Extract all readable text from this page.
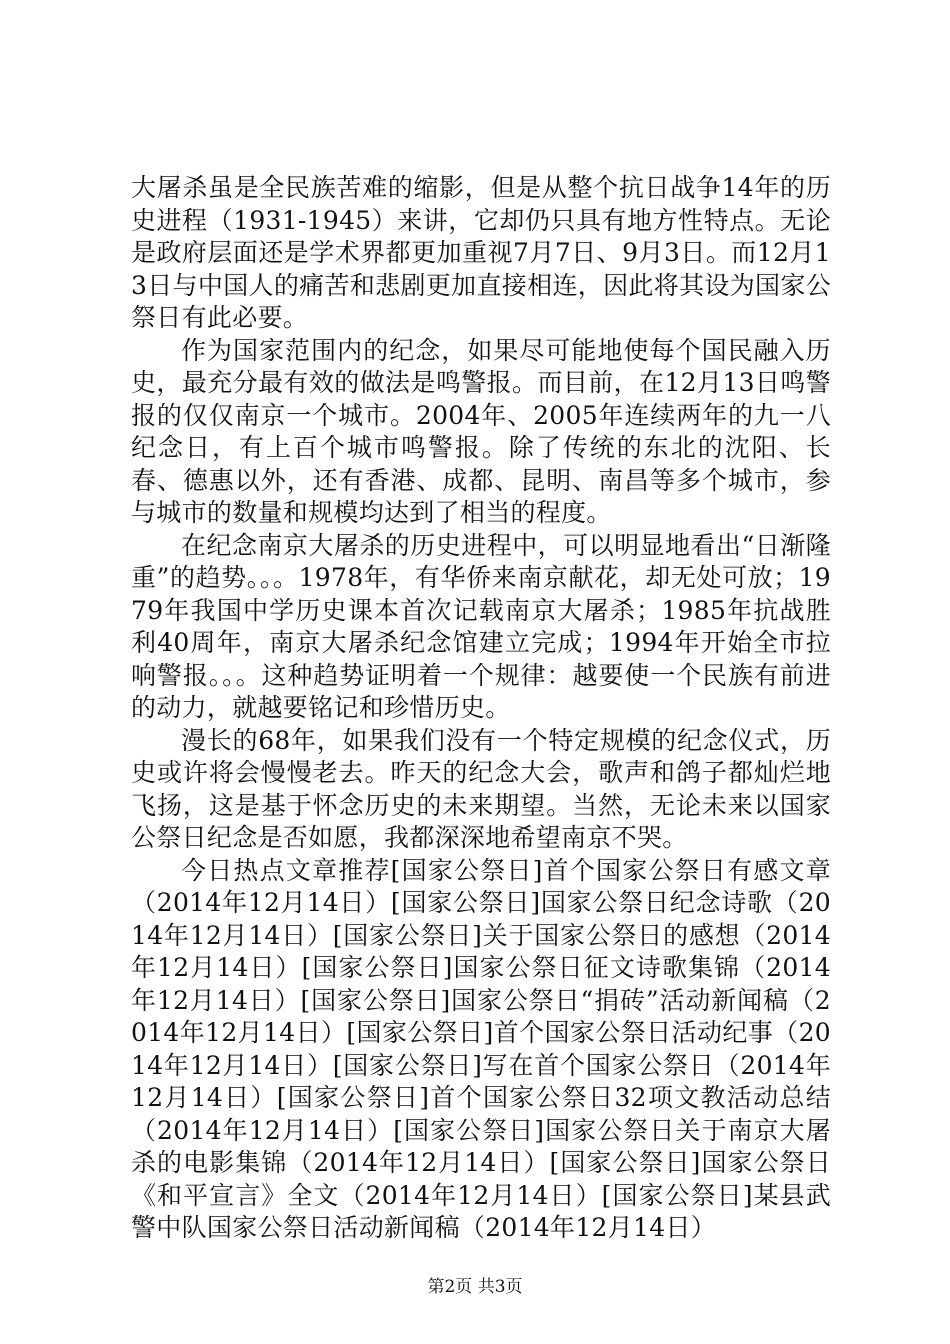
大屠杀虽是全民族苦难的缩影，但是从整个抗日战争14年的历史进程（1931-1945）来讲，它却仍只具有地方性特点。无论是政府层面还是学术界都更加重视7月7日、9月3日。而12月13日与中国人的痛苦和悲剧更加直接相连，因此将其设为国家公祭日有此必要。

作为国家范围内的纪念，如果尽可能地使每个国民融入历史，最充分最有效的做法是鸣警报。而目前，在12月13日鸣警报的仅仅南京一个城市。2004年、2005年连续两年的九一八纪念日，有上百个城市鸣警报。除了传统的东北的沈阳、长春、德惠以外，还有香港、成都、昆明、南昌等多个城市，参与城市的数量和规模均达到了相当的程度。

在纪念南京大屠杀的历史进程中，可以明显地看出“日渐隆重”的趋势。。。1978年，有华侨来南京献花，却无处可放；1979年我国中学历史课本首次记载南京大屠杀；1985年抗战胜利40周年，南京大屠杀纪念馆建立完成；1994年开始全市拉响警报。。。这种趋势证明着一个规律：越要使一个民族有前进的动力，就越要铭记和珍惜历史。

漫长的68年，如果我们没有一个特定规模的纪念仪式，历史或许将会慢慢老去。昨天的纪念大会，歌声和鸽子都灿烂地飞扬，这是基于怀念历史的未来期望。当然，无论未来以国家公祭日纪念是否如愿，我都深深地希望南京不哭。

今日热点文章推荐[国家公祭日]首个国家公祭日有感文章（2014年12月14日）[国家公祭日]国家公祭日纪念诗歌（2014年12月14日）[国家公祭日]关于国家公祭日的感想（2014年12月14日）[国家公祭日]国家公祭日征文诗歌集锦（2014年12月14日）[国家公祭日]国家公祭日“捐砖”活动新闻稿（2014年12月14日）[国家公祭日]首个国家公祭日活动纪事（2014年12月14日）[国家公祭日]写在首个国家公祭日（2014年12月14日）[国家公祭日]首个国家公祭日32项文教活动总结（2014年12月14日）[国家公祭日]国家公祭日关于南京大屠杀的电影集锦（2014年12月14日）[国家公祭日]国家公祭日《和平宣言》全文（2014年12月14日）[国家公祭日]某县武警中队国家公祭日活动新闻稿（2014年12月14日）

第2页 共3页
